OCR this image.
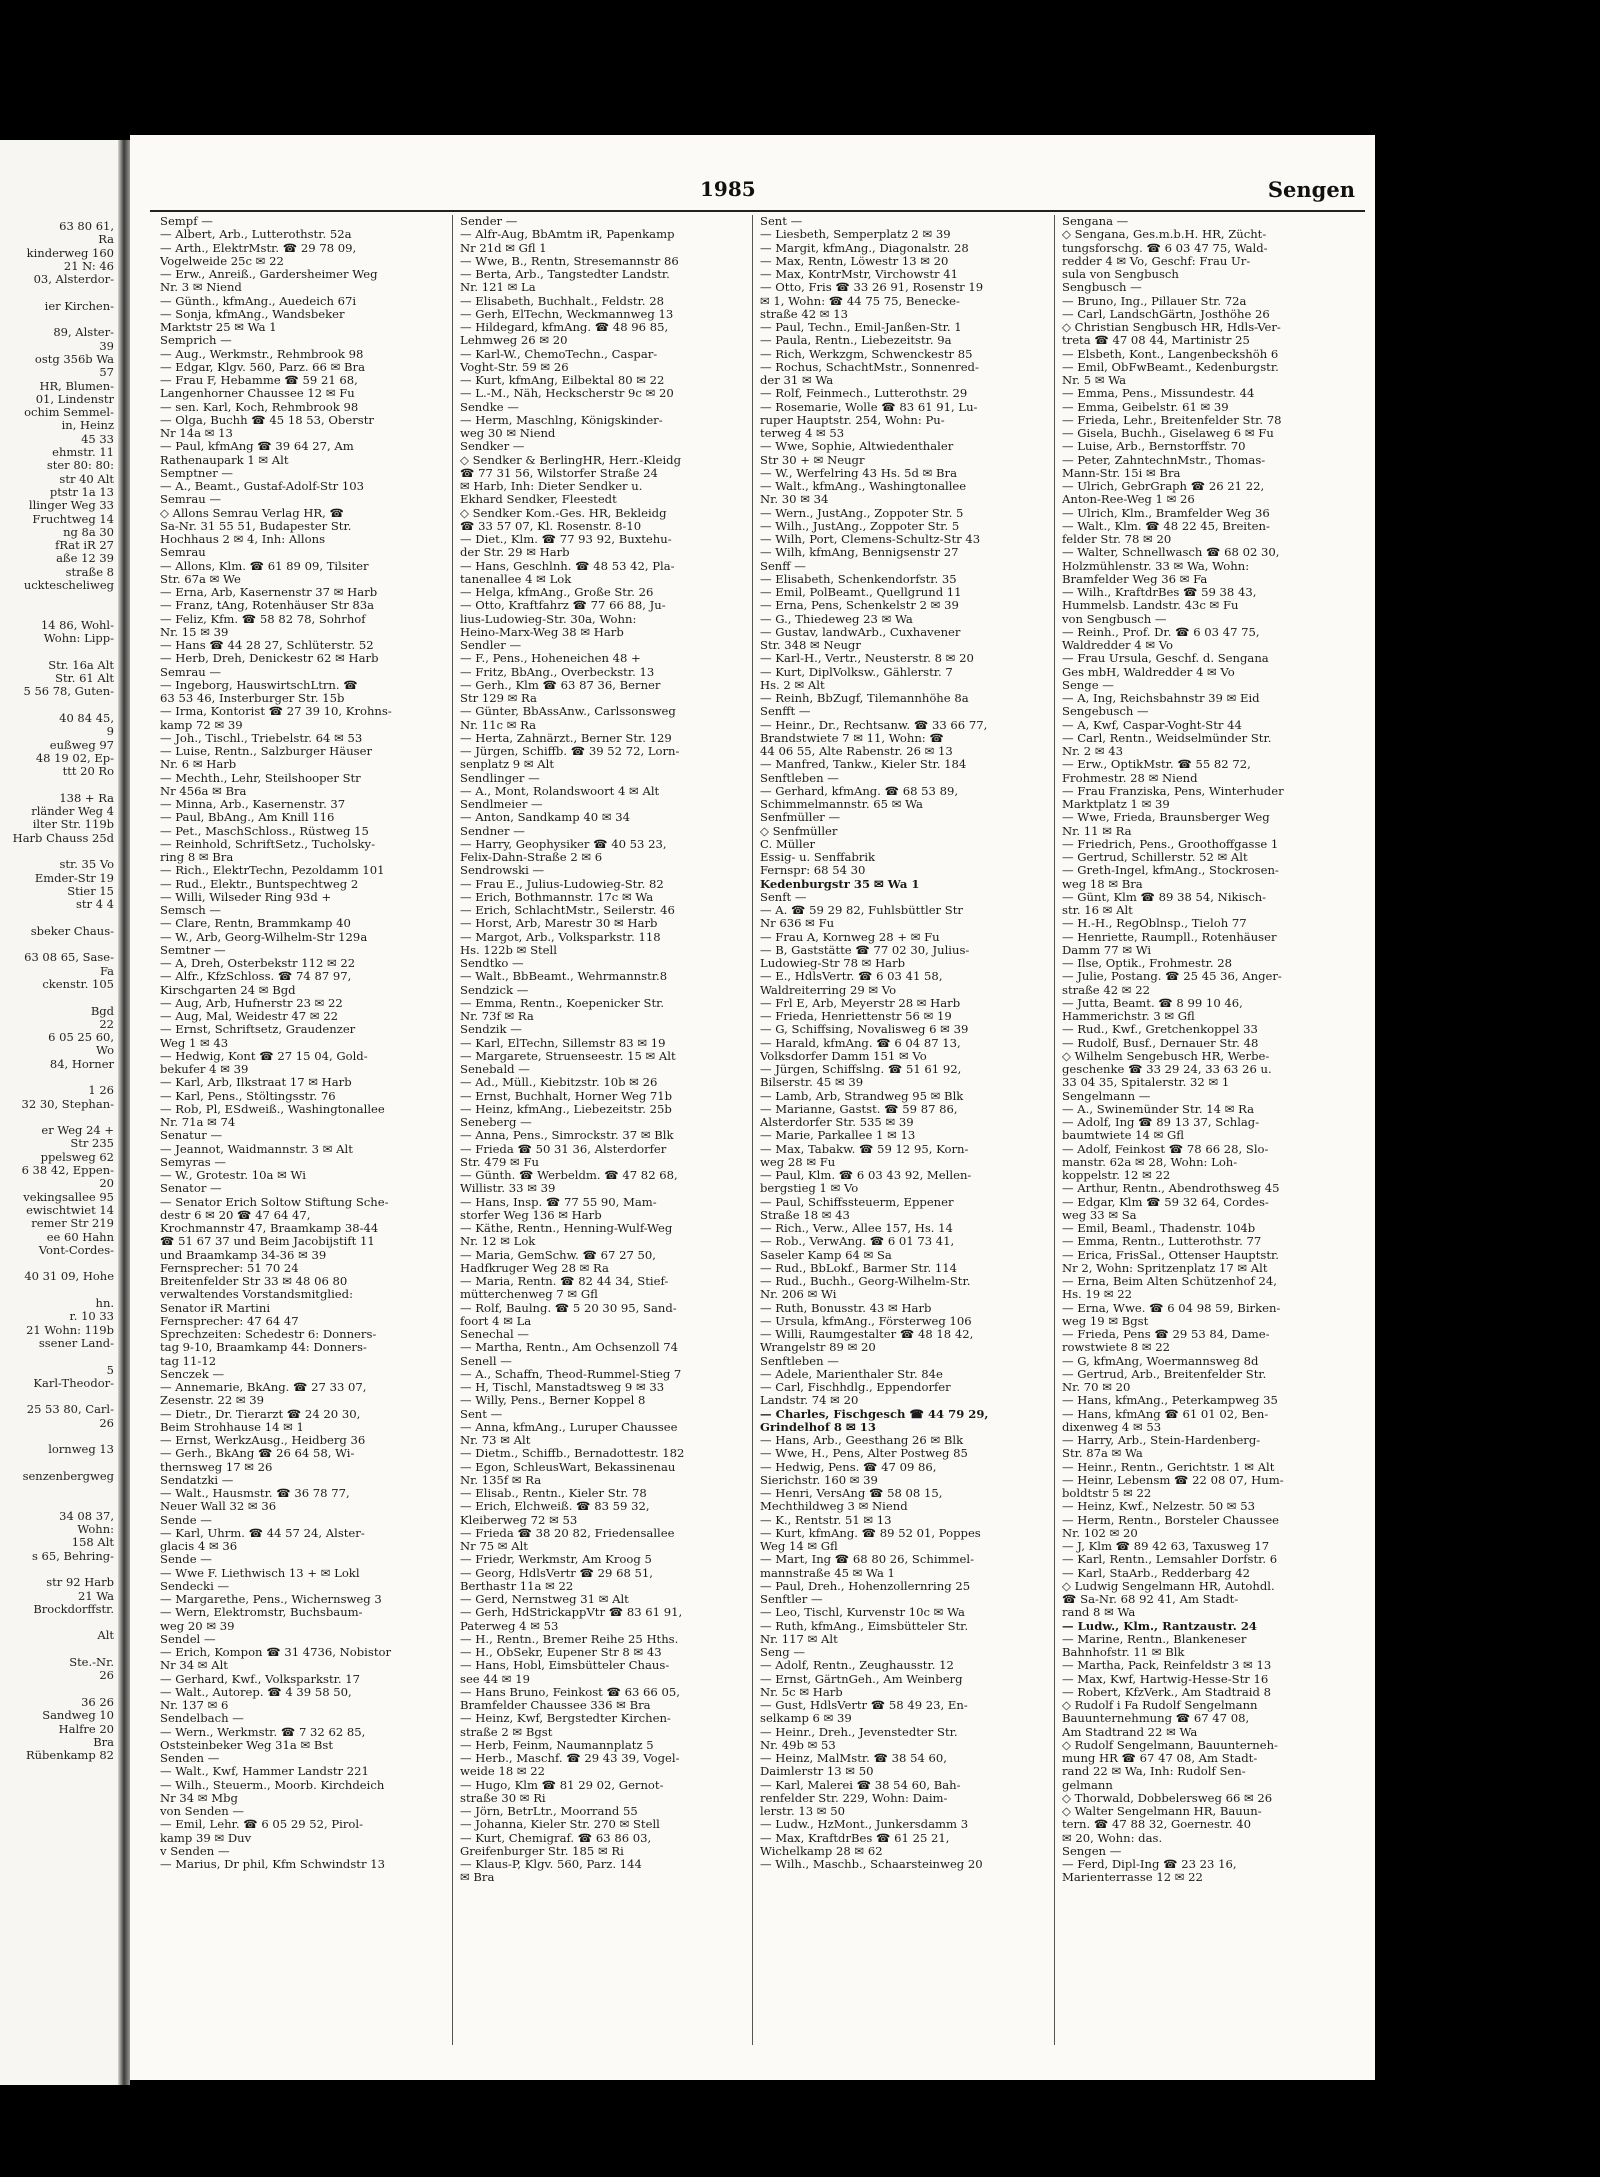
63 80 61,
Ra
kinderweg 160
21 N: 46
03, Alsterdor-

ier Kirchen-

89, Alster-
39
ostg 356b Wa
57
HR, Blumen-
01, Lindenstr
ochim Semmel-
in, Heinz
45 33
ehmstr. 11
ster 80: 80:
str 40 Alt
ptstr 1a 13
llinger Weg 33
Fruchtweg 14
ng 8a 30
fRat iR 27
aße 12 39
straße 8
ucktescheliweg

14 86, Wohl-
Wohn: Lipp-

Str. 16a Alt
Str. 61 Alt
5 56 78, Guten-

40 84 45,
9
eußweg 97
48 19 02, Ep-
ttt 20 Ro

138 + Ra
rländer Weg 4
ilter Str. 119b
Harb Chauss 25d

str. 35 Vo
Emder-Str 19
Stier 15
str 4 4

sbeker Chaus-

63 08 65, Sase-
Fa
ckenstr. 105

Bgd
22
6 05 25 60,
Wo
84, Horner

1 26
32 30, Stephan-

er Weg 24 +
Str 235
ppelsweg 62
6 38 42, Eppen-
20
vekingsallee 95
ewischtwiet 14
remer Str 219
ee 60 Hahn
Vont-Cordes-

40 31 09, Hohe

hn.
r. 10 33
21 Wohn: 119b
ssener Land-

5
Karl-Theodor-

25 53 80, Carl-
26

lornweg 13

senzenbergweg

34 08 37,
Wohn:
158 Alt
s 65, Behring-

str 92 Harb
21 Wa
Brockdorffstr.

Alt

Ste.-Nr.
26

36 26
Sandweg 10
Halfre 20
Bra
Rübenkamp 82
1985	Sengen
Sempf —
— Albert, Arb., Lutterothstr. 52a
— Arth., ElektrMstr. ☎ 29 78 09,
Vogelweide 25c ✉ 22
— Erw., Anreiß., Gardersheimer Weg
Nr. 3 ✉ Niend
— Günth., kfmAng., Auedeich 67i
— Sonja, kfmAng., Wandsbeker
Marktstr 25 ✉ Wa 1
Semprich —
— Aug., Werkmstr., Rehmbrook 98
— Edgar, Klgv. 560, Parz. 66 ✉ Bra
— Frau F, Hebamme ☎ 59 21 68,
Langenhorner Chaussee 12 ✉ Fu
— sen. Karl, Koch, Rehmbrook 98
— Olga, Buchh ☎ 45 18 53, Oberstr
Nr 14a ✉ 13
— Paul, kfmAng ☎ 39 64 27, Am
Rathenaupark 1 ✉ Alt
Semptner —
— A., Beamt., Gustaf-Adolf-Str 103
Semrau —
◇ Allons Semrau Verlag HR, ☎
Sa-Nr. 31 55 51, Budapester Str.
Hochhaus 2 ✉ 4, Inh: Allons
Semrau
— Allons, Klm. ☎ 61 89 09, Tilsiter
Str. 67a ✉ We
— Erna, Arb, Kasernenstr 37 ✉ Harb
— Franz, tAng, Rotenhäuser Str 83a
— Feliz, Kfm. ☎ 58 82 78, Sohrhof
Nr. 15 ✉ 39
— Hans ☎ 44 28 27, Schlüterstr. 52
— Herb, Dreh, Denickestr 62 ✉ Harb
Semrau —
— Ingeborg, HauswirtschLtrn. ☎
63 53 46, Insterburger Str. 15b
— Irma, Kontorist ☎ 27 39 10, Krohns-
kamp 72 ✉ 39
— Joh., Tischl., Triebelstr. 64 ✉ 53
— Luise, Rentn., Salzburger Häuser
Nr. 6 ✉ Harb
— Mechth., Lehr, Steilshooper Str
Nr 456a ✉ Bra
— Minna, Arb., Kasernenstr. 37
— Paul, BbAng., Am Knill 116
— Pet., MaschSchloss., Rüstweg 15
— Reinhold, SchriftSetz., Tucholsky-
ring 8 ✉ Bra
— Rich., ElektrTechn, Pezoldamm 101
— Rud., Elektr., Buntspechtweg 2
— Willi, Wilseder Ring 93d +
Semsch —
— Clare, Rentn, Brammkamp 40
— W., Arb, Georg-Wilhelm-Str 129a
Semtner —
— A, Dreh, Osterbekstr 112 ✉ 22
— Alfr., KfzSchloss. ☎ 74 87 97,
Kirschgarten 24 ✉ Bgd
— Aug, Arb, Hufnerstr 23 ✉ 22
— Aug, Mal, Weidestr 47 ✉ 22
— Ernst, Schriftsetz, Graudenzer
Weg 1 ✉ 43
— Hedwig, Kont ☎ 27 15 04, Gold-
bekufer 4 ✉ 39
— Karl, Arb, Ilkstraat 17 ✉ Harb
— Karl, Pens., Stöltingsstr. 76
— Rob, Pl, ESdweiß., Washingtonallee
Nr. 71a ✉ 74
Senatur —
— Jeannot, Waidmannstr. 3 ✉ Alt
Semyras —
— W., Grotestr. 10a ✉ Wi
Senator —
— Senator Erich Soltow Stiftung Sche-
destr 6 ✉ 20 ☎ 47 64 47,
Krochmannstr 47, Braamkamp 38-44
☎ 51 67 37 und Beim Jacobijstift 11
und Braamkamp 34-36 ✉ 39
Fernsprecher: 51 70 24
Breitenfelder Str 33 ✉ 48 06 80
verwaltendes Vorstandsmitglied:
Senator iR Martini
Fernsprecher: 47 64 47
Sprechzeiten: Schedestr 6: Donners-
tag 9-10, Braamkamp 44: Donners-
tag 11-12
Senczek —
— Annemarie, BkAng. ☎ 27 33 07,
Zesenstr. 22 ✉ 39
— Dietr., Dr. Tierarzt ☎ 24 20 30,
Beim Strohhause 14 ✉ 1
— Ernst, WerkzAusg., Heidberg 36
— Gerh., BkAng ☎ 26 64 58, Wi-
thernsweg 17 ✉ 26
Sendatzki —
— Walt., Hausmstr. ☎ 36 78 77,
Neuer Wall 32 ✉ 36
Sende —
— Karl, Uhrm. ☎ 44 57 24, Alster-
glacis 4 ✉ 36
Sende —
— Wwe F. Liethwisch 13 + ✉ Lokl
Sendecki —
— Margarethe, Pens., Wichernsweg 3
— Wern, Elektromstr, Buchsbaum-
weg 20 ✉ 39
Sendel —
— Erich, Kompon ☎ 31 4736, Nobistor
Nr 34 ✉ Alt
— Gerhard, Kwf., Volksparkstr. 17
— Walt., Autorep. ☎ 4 39 58 50,
Nr. 137 ✉ 6
Sendelbach —
— Wern., Werkmstr. ☎ 7 32 62 85,
Oststeinbeker Weg 31a ✉ Bst
Senden —
— Walt., Kwf, Hammer Landstr 221
— Wilh., Steuerm., Moorb. Kirchdeich
Nr 34 ✉ Mbg
von Senden —
— Emil, Lehr. ☎ 6 05 29 52, Pirol-
kamp 39 ✉ Duv
v Senden —
— Marius, Dr phil, Kfm Schwindstr 13
Sender —
— Alfr-Aug, BbAmtm iR, Papenkamp
Nr 21d ✉ Gfl 1
— Wwe, B., Rentn, Stresemannstr 86
— Berta, Arb., Tangstedter Landstr.
Nr. 121 ✉ La
— Elisabeth, Buchhalt., Feldstr. 28
— Gerh, ElTechn, Weckmannweg 13
— Hildegard, kfmAng. ☎ 48 96 85,
Lehmweg 26 ✉ 20
— Karl-W., ChemoTechn., Caspar-
Voght-Str. 59 ✉ 26
— Kurt, kfmAng, Eilbektal 80 ✉ 22
— L.-M., Näh, Heckscherstr 9c ✉ 20
Sendke —
— Herm, Maschlng, Königskinder-
weg 30 ✉ Niend
Sendker —
◇ Sendker & BerlingHR, Herr.-Kleidg
☎ 77 31 56, Wilstorfer Straße 24
✉ Harb, Inh: Dieter Sendker u.
Ekhard Sendker, Fleestedt
◇ Sendker Kom.-Ges. HR, Bekleidg
☎ 33 57 07, Kl. Rosenstr. 8-10
— Diet., Klm. ☎ 77 93 92, Buxtehu-
der Str. 29 ✉ Harb
— Hans, Geschlnh. ☎ 48 53 42, Pla-
tanenallee 4 ✉ Lok
— Helga, kfmAng., Große Str. 26
— Otto, Kraftfahrz ☎ 77 66 88, Ju-
lius-Ludowieg-Str. 30a, Wohn:
Heino-Marx-Weg 38 ✉ Harb
Sendler —
— F., Pens., Hoheneichen 48 +
— Fritz, BbAng., Overbeckstr. 13
— Gerh., Klm ☎ 63 87 36, Berner
Str 129 ✉ Ra
— Günter, BbAssAnw., Carlssonsweg
Nr. 11c ✉ Ra
— Herta, Zahnärzt., Berner Str. 129
— Jürgen, Schiffb. ☎ 39 52 72, Lorn-
senplatz 9 ✉ Alt
Sendlinger —
— A., Mont, Rolandswoort 4 ✉ Alt
Sendlmeier —
— Anton, Sandkamp 40 ✉ 34
Sendner —
— Harry, Geophysiker ☎ 40 53 23,
Felix-Dahn-Straße 2 ✉ 6
Sendrowski —
— Frau E., Julius-Ludowieg-Str. 82
— Erich, Bothmannstr. 17c ✉ Wa
— Erich, SchlachtMstr., Seilerstr. 46
— Horst, Arb, Marestr 30 ✉ Harb
— Margot, Arb., Volksparkstr. 118
Hs. 122b ✉ Stell
Sendtko —
— Walt., BbBeamt., Wehrmannstr.8
Sendzick —
— Emma, Rentn., Koepenicker Str.
Nr. 73f ✉ Ra
Sendzik —
— Karl, ElTechn, Sillemstr 83 ✉ 19
— Margarete, Struenseestr. 15 ✉ Alt
Senebald —
— Ad., Müll., Kiebitzstr. 10b ✉ 26
— Ernst, Buchhalt, Horner Weg 71b
— Heinz, kfmAng., Liebezeitstr. 25b
Seneberg —
— Anna, Pens., Simrockstr. 37 ✉ Blk
— Frieda ☎ 50 31 36, Alsterdorfer
Str. 479 ✉ Fu
— Günth. ☎ Werbeldm. ☎ 47 82 68,
Willistr. 33 ✉ 39
— Hans, Insp. ☎ 77 55 90, Mam-
storfer Weg 136 ✉ Harb
— Käthe, Rentn., Henning-Wulf-Weg
Nr. 12 ✉ Lok
— Maria, GemSchw. ☎ 67 27 50,
Hadfkruger Weg 28 ✉ Ra
— Maria, Rentn. ☎ 82 44 34, Stief-
mütterchenweg 7 ✉ Gfl
— Rolf, Baulng. ☎ 5 20 30 95, Sand-
foort 4 ✉ La
Senechal —
— Martha, Rentn., Am Ochsenzoll 74
Senell —
— A., Schaffn, Theod-Rummel-Stieg 7
— H, Tischl, Manstadtsweg 9 ✉ 33
— Willy, Pens., Berner Koppel 8
Sent —
— Anna, kfmAng., Luruper Chaussee
Nr. 73 ✉ Alt
— Dietm., Schiffb., Bernadottestr. 182
— Egon, SchleusWart, Bekassinenau
Nr. 135f ✉ Ra
— Elisab., Rentn., Kieler Str. 78
— Erich, Elchweiß. ☎ 83 59 32,
Kleiberweg 72 ✉ 53
— Frieda ☎ 38 20 82, Friedensallee
Nr 75 ✉ Alt
— Friedr, Werkmstr, Am Kroog 5
— Georg, HdlsVertr ☎ 29 68 51,
Berthastr 11a ✉ 22
— Gerd, Nernstweg 31 ✉ Alt
— Gerh, HdStrickappVtr ☎ 83 61 91,
Paterweg 4 ✉ 53
— H., Rentn., Bremer Reihe 25 Hths.
— H., ObSekr, Eupener Str 8 ✉ 43
— Hans, Hobl, Eimsbütteler Chaus-
see 44 ✉ 19
— Hans Bruno, Feinkost ☎ 63 66 05,
Bramfelder Chaussee 336 ✉ Bra
— Heinz, Kwf, Bergstedter Kirchen-
straße 2 ✉ Bgst
— Herb, Feinm, Naumannplatz 5
— Herb., Maschf. ☎ 29 43 39, Vogel-
weide 18 ✉ 22
— Hugo, Klm ☎ 81 29 02, Gernot-
straße 30 ✉ Ri
— Jörn, BetrLtr., Moorrand 55
— Johanna, Kieler Str. 270 ✉ Stell
— Kurt, Chemigraf. ☎ 63 86 03,
Greifenburger Str. 185 ✉ Ri
— Klaus-P, Klgv. 560, Parz. 144
✉ Bra
Sent —
— Liesbeth, Semperplatz 2 ✉ 39
— Margit, kfmAng., Diagonalstr. 28
— Max, Rentn, Löwestr 13 ✉ 20
— Max, KontrMstr, Virchowstr 41
— Otto, Fris ☎ 33 26 91, Rosenstr 19
✉ 1, Wohn: ☎ 44 75 75, Benecke-
straße 42 ✉ 13
— Paul, Techn., Emil-Janßen-Str. 1
— Paula, Rentn., Liebezeitstr. 9a
— Rich, Werkzgm, Schwenckestr 85
— Rochus, SchachtMstr., Sonnenred-
der 31 ✉ Wa
— Rolf, Feinmech., Lutterothstr. 29
— Rosemarie, Wolle ☎ 83 61 91, Lu-
ruper Hauptstr. 254, Wohn: Pu-
terweg 4 ✉ 53
— Wwe, Sophie, Altwiedenthaler
Str 30 + ✉ Neugr
— W., Werfelring 43 Hs. 5d ✉ Bra
— Walt., kfmAng., Washingtonallee
Nr. 30 ✉ 34
— Wern., JustAng., Zoppoter Str. 5
— Wilh., JustAng., Zoppoter Str. 5
— Wilh, Port, Clemens-Schultz-Str 43
— Wilh, kfmAng, Bennigsenstr 27
Senff —
— Elisabeth, Schenkendorfstr. 35
— Emil, PolBeamt., Quellgrund 11
— Erna, Pens, Schenkelstr 2 ✉ 39
— G., Thiedeweg 23 ✉ Wa
— Gustav, landwArb., Cuxhavener
Str. 348 ✉ Neugr
— Karl-H., Vertr., Neusterstr. 8 ✉ 20
— Kurt, DiplVolksw., Gählerstr. 7
Hs. 2 ✉ Alt
— Reinh, BbZugf, Tilemannhöhe 8a
Senfft —
— Heinr., Dr., Rechtsanw. ☎ 33 66 77,
Brandstwiete 7 ✉ 11, Wohn: ☎
44 06 55, Alte Rabenstr. 26 ✉ 13
— Manfred, Tankw., Kieler Str. 184
Senftleben —
— Gerhard, kfmAng. ☎ 68 53 89,
Schimmelmannstr. 65 ✉ Wa
Senfmüller —
◇ Senfmüller
C. Müller
Essig- u. Senffabrik
Fernspr: 68 54 30
Kedenburgstr 35 ✉ Wa 1
Senft —
— A. ☎ 59 29 82, Fuhlsbüttler Str
Nr 636 ✉ Fu
— Frau A, Kornweg 28 + ✉ Fu
— B, Gaststätte ☎ 77 02 30, Julius-
Ludowieg-Str 78 ✉ Harb
— E., HdlsVertr. ☎ 6 03 41 58,
Waldreiterring 29 ✉ Vo
— Frl E, Arb, Meyerstr 28 ✉ Harb
— Frieda, Henriettenstr 56 ✉ 19
— G, Schiffsing, Novalisweg 6 ✉ 39
— Harald, kfmAng. ☎ 6 04 87 13,
Volksdorfer Damm 151 ✉ Vo
— Jürgen, Schiffslng. ☎ 51 61 92,
Bilserstr. 45 ✉ 39
— Lamb, Arb, Strandweg 95 ✉ Blk
— Marianne, Gastst. ☎ 59 87 86,
Alsterdorfer Str. 535 ✉ 39
— Marie, Parkallee 1 ✉ 13
— Max, Tabakw. ☎ 59 12 95, Korn-
weg 28 ✉ Fu
— Paul, Klm. ☎ 6 03 43 92, Mellen-
bergstieg 1 ✉ Vo
— Paul, Schiffssteuerm, Eppener
Straße 18 ✉ 43
— Rich., Verw., Allee 157, Hs. 14
— Rob., VerwAng. ☎ 6 01 73 41,
Saseler Kamp 64 ✉ Sa
— Rud., BbLokf., Barmer Str. 114
— Rud., Buchh., Georg-Wilhelm-Str.
Nr. 206 ✉ Wi
— Ruth, Bonusstr. 43 ✉ Harb
— Ursula, kfmAng., Försterweg 106
— Willi, Raumgestalter ☎ 48 18 42,
Wrangelstr 89 ✉ 20
Senftleben —
— Adele, Marienthaler Str. 84e
— Carl, Fischhdlg., Eppendorfer
Landstr. 74 ✉ 20
— Charles, Fischgesch ☎ 44 79 29,
Grindelhof 8 ✉ 13
— Hans, Arb., Geesthang 26 ✉ Blk
— Wwe, H., Pens, Alter Postweg 85
— Hedwig, Pens. ☎ 47 09 86,
Sierichstr. 160 ✉ 39
— Henri, VersAng ☎ 58 08 15,
Mechthildweg 3 ✉ Niend
— K., Rentstr. 51 ✉ 13
— Kurt, kfmAng. ☎ 89 52 01, Poppes
Weg 14 ✉ Gfl
— Mart, Ing ☎ 68 80 26, Schimmel-
mannstraße 45 ✉ Wa 1
— Paul, Dreh., Hohenzollernring 25
Senftler —
— Leo, Tischl, Kurvenstr 10c ✉ Wa
— Ruth, kfmAng., Eimsbütteler Str.
Nr. 117 ✉ Alt
Seng —
— Adolf, Rentn., Zeughausstr. 12
— Ernst, GärtnGeh., Am Weinberg
Nr. 5c ✉ Harb
— Gust, HdlsVertr ☎ 58 49 23, En-
selkamp 6 ✉ 39
— Heinr., Dreh., Jevenstedter Str.
Nr. 49b ✉ 53
— Heinz, MalMstr. ☎ 38 54 60,
Daimlerstr 13 ✉ 50
— Karl, Malerei ☎ 38 54 60, Bah-
renfelder Str. 229, Wohn: Daim-
lerstr. 13 ✉ 50
— Ludw., HzMont., Junkersdamm 3
— Max, KraftdrBes ☎ 61 25 21,
Wichelkamp 28 ✉ 62
— Wilh., Maschb., Schaarsteinweg 20
Sengana —
◇ Sengana, Ges.m.b.H. HR, Zücht-
tungsforschg. ☎ 6 03 47 75, Wald-
redder 4 ✉ Vo, Geschf: Frau Ur-
sula von Sengbusch
Sengbusch —
— Bruno, Ing., Pillauer Str. 72a
— Carl, LandschGärtn, Josthöhe 26
◇ Christian Sengbusch HR, Hdls-Ver-
treta ☎ 47 08 44, Martinistr 25
— Elsbeth, Kont., Langenbeckshöh 6
— Emil, ObFwBeamt., Kedenburgstr.
Nr. 5 ✉ Wa
— Emma, Pens., Missundestr. 44
— Emma, Geibelstr. 61 ✉ 39
— Frieda, Lehr., Breitenfelder Str. 78
— Gisela, Buchh., Giselaweg 6 ✉ Fu
— Luise, Arb., Bernstorffstr. 70
— Peter, ZahntechnMstr., Thomas-
Mann-Str. 15i ✉ Bra
— Ulrich, GebrGraph ☎ 26 21 22,
Anton-Ree-Weg 1 ✉ 26
— Ulrich, Klm., Bramfelder Weg 36
— Walt., Klm. ☎ 48 22 45, Breiten-
felder Str. 78 ✉ 20
— Walter, Schnellwasch ☎ 68 02 30,
Holzmühlenstr. 33 ✉ Wa, Wohn:
Bramfelder Weg 36 ✉ Fa
— Wilh., KraftdrBes ☎ 59 38 43,
Hummelsb. Landstr. 43c ✉ Fu
von Sengbusch —
— Reinh., Prof. Dr. ☎ 6 03 47 75,
Waldredder 4 ✉ Vo
— Frau Ursula, Geschf. d. Sengana
Ges mbH, Waldredder 4 ✉ Vo
Senge —
— A, Ing, Reichsbahnstr 39 ✉ Eid
Sengebusch —
— A, Kwf, Caspar-Voght-Str 44
— Carl, Rentn., Weidselmünder Str.
Nr. 2 ✉ 43
— Erw., OptikMstr. ☎ 55 82 72,
Frohmestr. 28 ✉ Niend
— Frau Franziska, Pens, Winterhuder
Marktplatz 1 ✉ 39
— Wwe, Frieda, Braunsberger Weg
Nr. 11 ✉ Ra
— Friedrich, Pens., Groothoffgasse 1
— Gertrud, Schillerstr. 52 ✉ Alt
— Greth-Ingel, kfmAng., Stockrosen-
weg 18 ✉ Bra
— Günt, Klm ☎ 89 38 54, Nikisch-
str. 16 ✉ Alt
— H.-H., RegOblnsp., Tieloh 77
— Henriette, Raumpll., Rotenhäuser
Damm 77 ✉ Wi
— Ilse, Optik., Frohmestr. 28
— Julie, Postang. ☎ 25 45 36, Anger-
straße 42 ✉ 22
— Jutta, Beamt. ☎ 8 99 10 46,
Hammerichstr. 3 ✉ Gfl
— Rud., Kwf., Gretchenkoppel 33
— Rudolf, Busf., Dernauer Str. 48
◇ Wilhelm Sengebusch HR, Werbe-
geschenke ☎ 33 29 24, 33 63 26 u.
33 04 35, Spitalerstr. 32 ✉ 1
Sengelmann —
— A., Swinemünder Str. 14 ✉ Ra
— Adolf, Ing ☎ 89 13 37, Schlag-
baumtwiete 14 ✉ Gfl
— Adolf, Feinkost ☎ 78 66 28, Slo-
manstr. 62a ✉ 28, Wohn: Loh-
koppelstr. 12 ✉ 22
— Arthur, Rentn., Abendrothsweg 45
— Edgar, Klm ☎ 59 32 64, Cordes-
weg 33 ✉ Sa
— Emil, Beaml., Thadenstr. 104b
— Emma, Rentn., Lutterothstr. 77
— Erica, FrisSal., Ottenser Hauptstr.
Nr 2, Wohn: Spritzenplatz 17 ✉ Alt
— Erna, Beim Alten Schützenhof 24,
Hs. 19 ✉ 22
— Erna, Wwe. ☎ 6 04 98 59, Birken-
weg 19 ✉ Bgst
— Frieda, Pens ☎ 29 53 84, Dame-
rowstwiete 8 ✉ 22
— G, kfmAng, Woermannsweg 8d
— Gertrud, Arb., Breitenfelder Str.
Nr. 70 ✉ 20
— Hans, kfmAng., Peterkampweg 35
— Hans, kfmAng ☎ 61 01 02, Ben-
dixenweg 4 ✉ 53
— Harry, Arb., Stein-Hardenberg-
Str. 87a ✉ Wa
— Heinr., Rentn., Gerichtstr. 1 ✉ Alt
— Heinr, Lebensm ☎ 22 08 07, Hum-
boldtstr 5 ✉ 22
— Heinz, Kwf., Nelzestr. 50 ✉ 53
— Herm, Rentn., Borsteler Chaussee
Nr. 102 ✉ 20
— J, Klm ☎ 89 42 63, Taxusweg 17
— Karl, Rentn., Lemsahler Dorfstr. 6
— Karl, StaArb., Redderbarg 42
◇ Ludwig Sengelmann HR, Autohdl.
☎ Sa-Nr. 68 92 41, Am Stadt-
rand 8 ✉ Wa
— Ludw., Klm., Rantzaustr. 24
— Marine, Rentn., Blankeneser
Bahnhofstr. 11 ✉ Blk
— Martha, Pack, Reinfeldstr 3 ✉ 13
— Max, Kwf, Hartwig-Hesse-Str 16
— Robert, KfzVerk., Am Stadtraid 8
◇ Rudolf i Fa Rudolf Sengelmann
Bauunternehmung ☎ 67 47 08,
Am Stadtrand 22 ✉ Wa
◇ Rudolf Sengelmann, Bauunterneh-
mung HR ☎ 67 47 08, Am Stadt-
rand 22 ✉ Wa, Inh: Rudolf Sen-
gelmann
◇ Thorwald, Dobbelersweg 66 ✉ 26
◇ Walter Sengelmann HR, Bauun-
tern. ☎ 47 88 32, Goernestr. 40
✉ 20, Wohn: das.
Sengen —
— Ferd, Dipl-Ing ☎ 23 23 16,
Marienterrasse 12 ✉ 22
